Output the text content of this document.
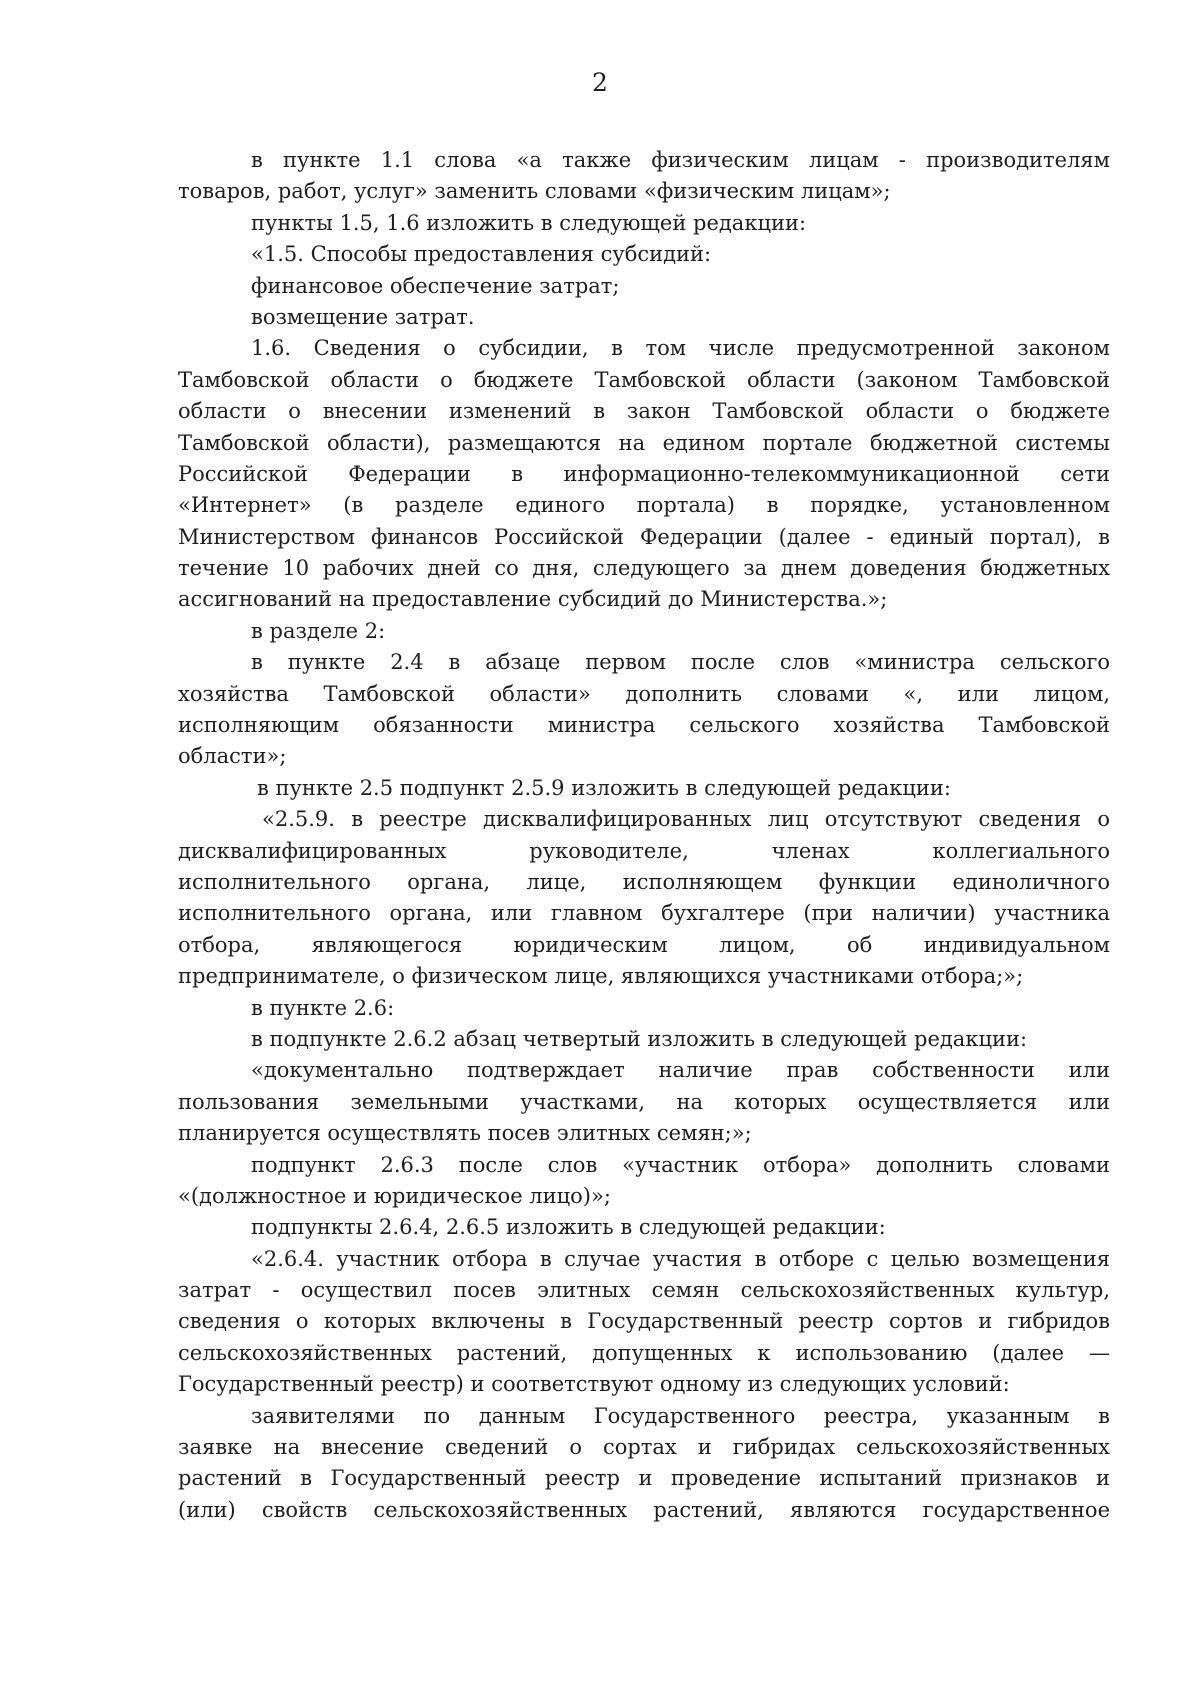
2
в пункте 1.1 слова «а также физическим лицам - производителям
товаров, работ, услуг» заменить словами «физическим лицам»;
пункты 1.5, 1.6 изложить в следующей редакции:
«1.5. Способы предоставления субсидий:
финансовое обеспечение затрат;
возмещение затрат.
1.6. Сведения о субсидии, в том числе предусмотренной законом
Тамбовской области о бюджете Тамбовской области (законом Тамбовской
области о внесении изменений в закон Тамбовской области о бюджете
Тамбовской области), размещаются на едином портале бюджетной системы
Российской Федерации в информационно-телекоммуникационной сети
«Интернет» (в разделе единого портала) в порядке, установленном
Министерством финансов Российской Федерации (далее - единый портал), в
течение 10 рабочих дней со дня, следующего за днем доведения бюджетных
ассигнований на предоставление субсидий до Министерства.»;
в разделе 2:
в пункте 2.4 в абзаце первом после слов «министра сельского
хозяйства Тамбовской области» дополнить словами «, или лицом,
исполняющим обязанности министра сельского хозяйства Тамбовской
области»;
в пункте 2.5 подпункт 2.5.9 изложить в следующей редакции:
«2.5.9. в реестре дисквалифицированных лиц отсутствуют сведения о
дисквалифицированных руководителе, членах коллегиального
исполнительного органа, лице, исполняющем функции единоличного
исполнительного органа, или главном бухгалтере (при наличии) участника
отбора, являющегося юридическим лицом, об индивидуальном
предпринимателе, о физическом лице, являющихся участниками отбора;»;
в пункте 2.6:
в подпункте 2.6.2 абзац четвертый изложить в следующей редакции:
«документально подтверждает наличие прав собственности или
пользования земельными участками, на которых осуществляется или
планируется осуществлять посев элитных семян;»;
подпункт 2.6.3 после слов «участник отбора» дополнить словами
«(должностное и юридическое лицо)»;
подпункты 2.6.4, 2.6.5 изложить в следующей редакции:
«2.6.4. участник отбора в случае участия в отборе с целью возмещения
затрат - осуществил посев элитных семян сельскохозяйственных культур,
сведения о которых включены в Государственный реестр сортов и гибридов
сельскохозяйственных растений, допущенных к использованию (далее —
Государственный реестр) и соответствуют одному из следующих условий:
заявителями по данным Государственного реестра, указанным в
заявке на внесение сведений о сортах и гибридах сельскохозяйственных
растений в Государственный реестр и проведение испытаний признаков и
(или) свойств сельскохозяйственных растений, являются государственное
